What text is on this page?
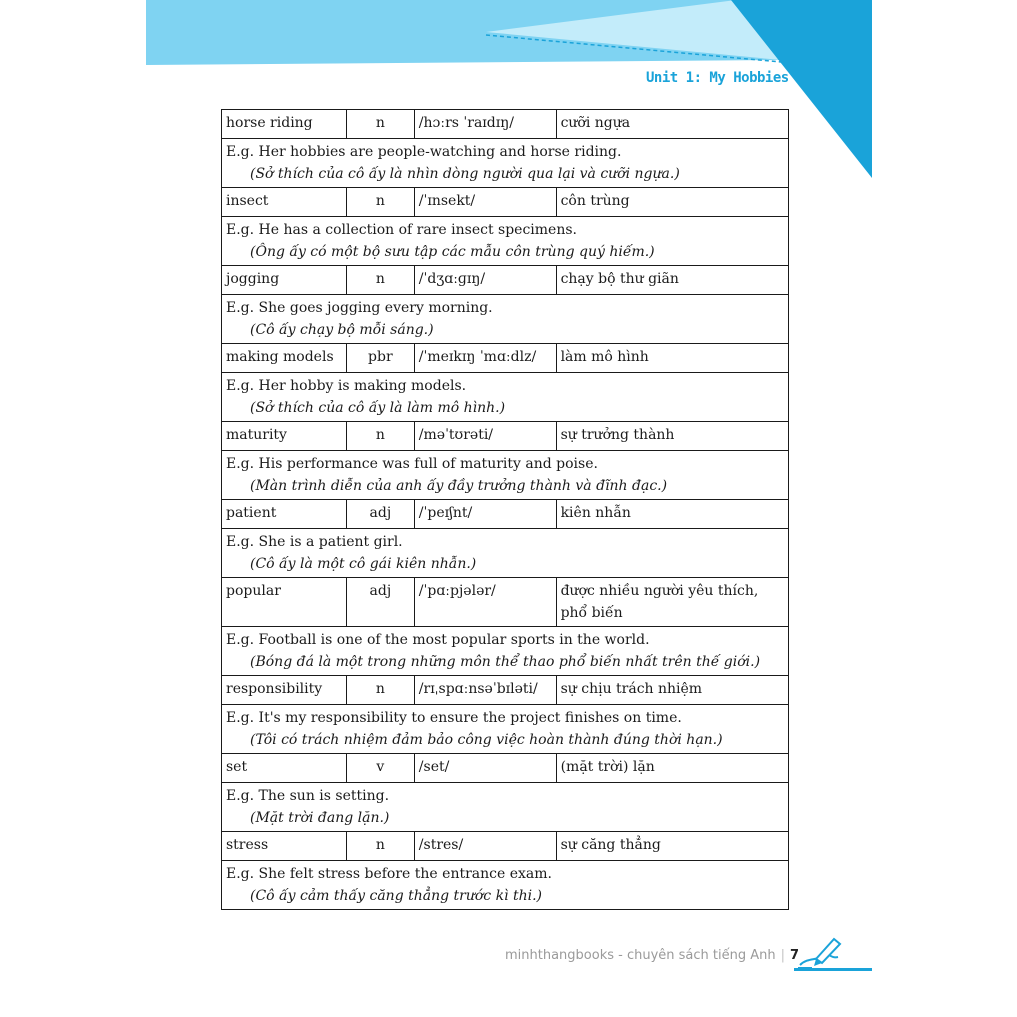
Unit 1: My Hobbies
horse riding	n	/hɔːrs ˈraɪdɪŋ/	cưỡi ngựa

E.g. Her hobbies are people-watching and horse riding.
(Sở thích của cô ấy là nhìn dòng người qua lại và cưỡi ngựa.)			

insect	n	/ˈɪnsekt/	côn trùng

E.g. He has a collection of rare insect specimens.
(Ông ấy có một bộ sưu tập các mẫu côn trùng quý hiếm.)			

jogging	n	/ˈdʒɑːɡɪŋ/	chạy bộ thư giãn

E.g. She goes jogging every morning.
(Cô ấy chạy bộ mỗi sáng.)			

making models	pbr	/ˈmeɪkɪŋ ˈmɑːdlz/	làm mô hình

E.g. Her hobby is making models.
(Sở thích của cô ấy là làm mô hình.)			

maturity	n	/məˈtʊrəti/	sự trưởng thành

E.g. His performance was full of maturity and poise.
(Màn trình diễn của anh ấy đầy trưởng thành và đĩnh đạc.)			

patient	adj	/ˈpeɪʃnt/	kiên nhẫn

E.g. She is a patient girl.
(Cô ấy là một cô gái kiên nhẫn.)			

popular	adj	/ˈpɑːpjələr/	được nhiều người yêu thích, phổ biến

E.g. Football is one of the most popular sports in the world.
(Bóng đá là một trong những môn thể thao phổ biến nhất trên thế giới.)			

responsibility	n	/rɪˌspɑːnsəˈbɪləti/	sự chịu trách nhiệm

E.g. It's my responsibility to ensure the project finishes on time.
(Tôi có trách nhiệm đảm bảo công việc hoàn thành đúng thời hạn.)			

set	v	/set/	(mặt trời) lặn

E.g. The sun is setting.
(Mặt trời đang lặn.)			

stress	n	/stres/	sự căng thẳng

E.g. She felt stress before the entrance exam.
(Cô ấy cảm thấy căng thẳng trước kì thi.)			
minhthangbooks - chuyên sách tiếng Anh | 7
